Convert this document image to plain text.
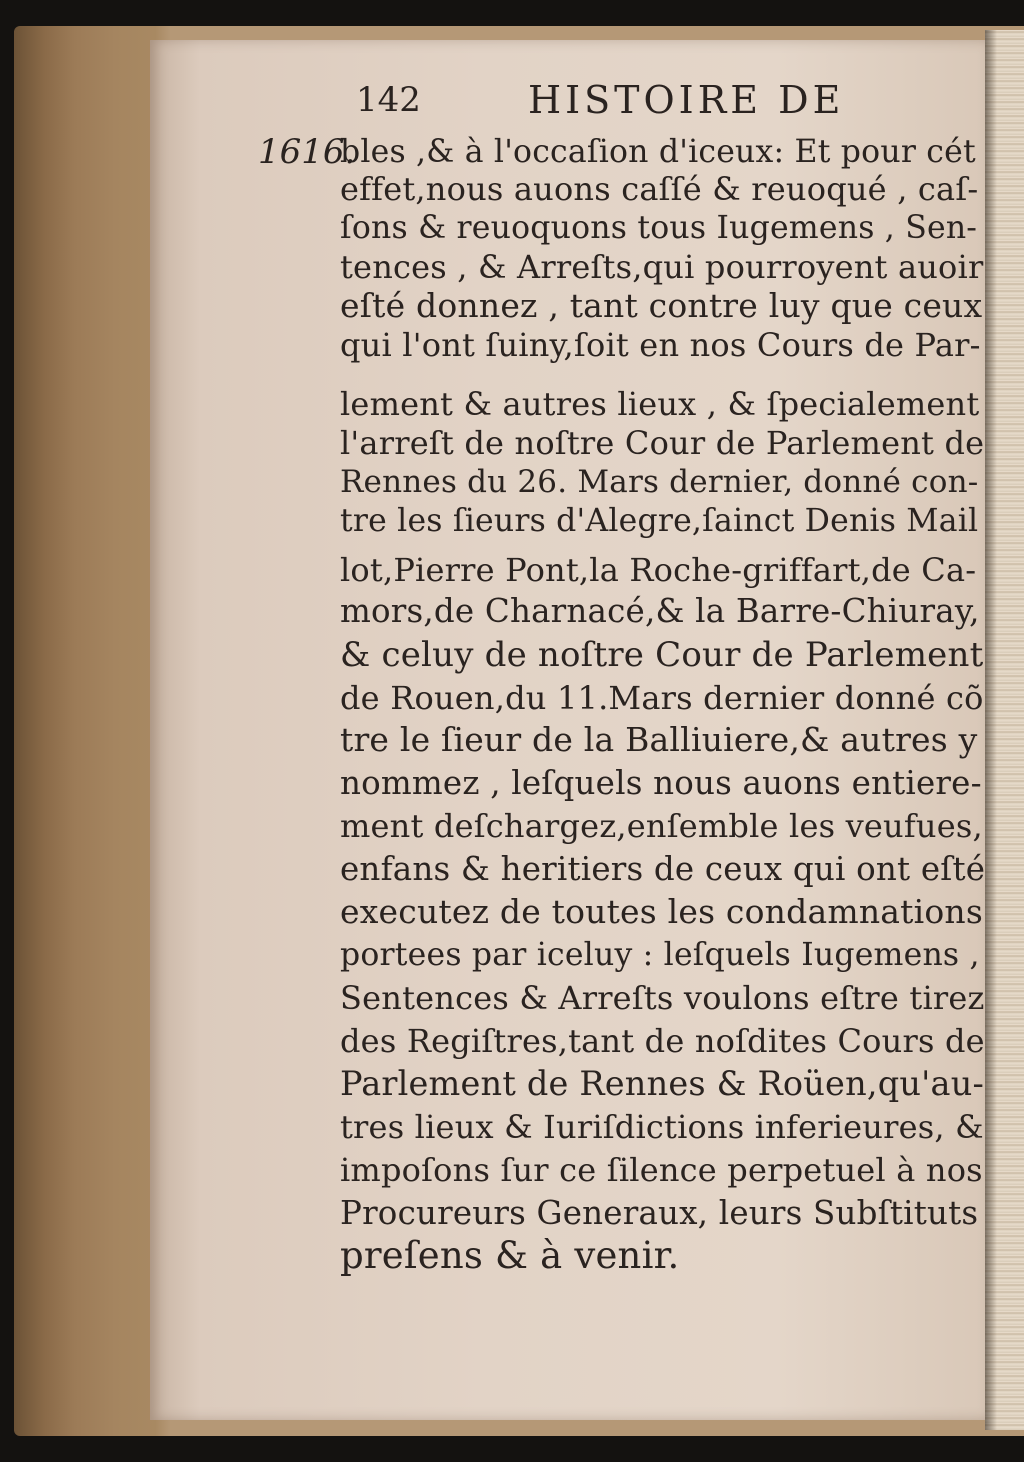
142	HISTOIRE DE
1616.
bles ,& à l'occaſion d'iceux: Et pour cét
effet,nous auons caſſé & reuoqué , caſ-
ſons & reuoquons tous Iugemens , Sen-
tences , & Arreſts,qui pourroyent auoir
eſté donnez , tant contre luy que ceux
qui l'ont ſuiny,ſoit en nos Cours de Par-
lement & autres lieux , & ſpecialement
l'arreſt de noſtre Cour de Parlement de
Rennes du 26. Mars dernier, donné con-
tre les ſieurs d'Alegre,ſainct Denis Mail
lot,Pierre Pont,la Roche-griffart,de Ca-
mors,de Charnacé,& la Barre-Chiuray,
& celuy de noſtre Cour de Parlement
de Rouen,du 11.Mars dernier donné cõ
tre le ſieur de la Balliuiere,& autres y
nommez , leſquels nous auons entiere-
ment deſchargez,enſemble les veufues,
enfans & heritiers de ceux qui ont eſté
executez de toutes les condamnations
portees par iceluy : leſquels Iugemens ,
Sentences & Arreſts voulons eſtre tirez
des Regiſtres,tant de noſdites Cours de
Parlement de Rennes & Roüen,qu'au-
tres lieux & Iuriſdictions inferieures, &
impoſons ſur ce ſilence perpetuel à nos
Procureurs Generaux, leurs Subſtituts
preſens & à venir.
